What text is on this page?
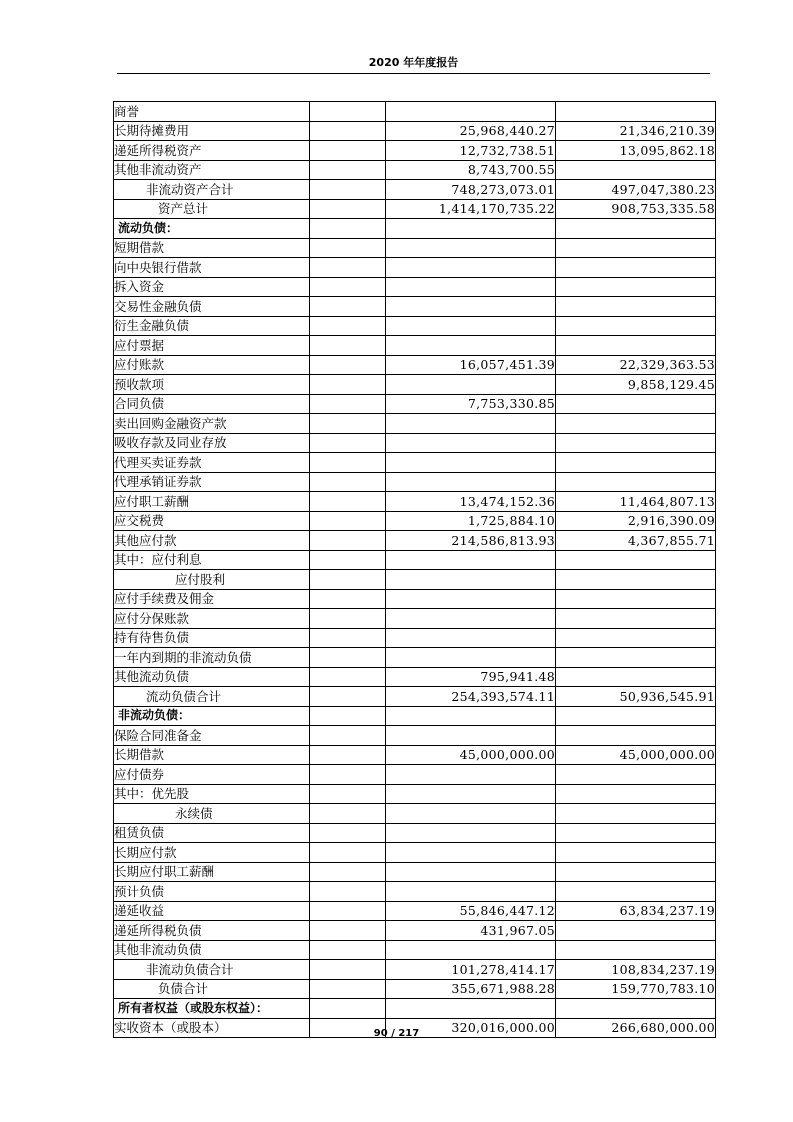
2020 年年度报告
商誉			
长期待摊费用		25,968,440.27	21,346,210.39
递延所得税资产		12,732,738.51	13,095,862.18
其他非流动资产		8,743,700.55	
非流动资产合计		748,273,073.01	497,047,380.23
资产总计		1,414,170,735.22	908,753,335.58
流动负债：			
短期借款			
向中央银行借款			
拆入资金			
交易性金融负债			
衍生金融负债			
应付票据			
应付账款		16,057,451.39	22,329,363.53
预收款项			9,858,129.45
合同负债		7,753,330.85	
卖出回购金融资产款			
吸收存款及同业存放			
代理买卖证券款			
代理承销证券款			
应付职工薪酬		13,474,152.36	11,464,807.13
应交税费		1,725,884.10	2,916,390.09
其他应付款		214,586,813.93	4,367,855.71
其中：应付利息			
应付股利			
应付手续费及佣金			
应付分保账款			
持有待售负债			
一年内到期的非流动负债			
其他流动负债		795,941.48	
流动负债合计		254,393,574.11	50,936,545.91
非流动负债：			
保险合同准备金			
长期借款		45,000,000.00	45,000,000.00
应付债券			
其中：优先股			
永续债			
租赁负债			
长期应付款			
长期应付职工薪酬			
预计负债			
递延收益		55,846,447.12	63,834,237.19
递延所得税负债		431,967.05	
其他非流动负债			
非流动负债合计		101,278,414.17	108,834,237.19
负债合计		355,671,988.28	159,770,783.10
所有者权益（或股东权益）：			
实收资本（或股本）		320,016,000.00	266,680,000.00
90 / 217
